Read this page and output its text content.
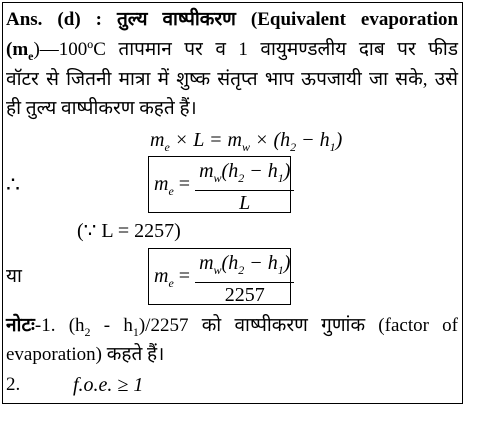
Ans. (d) : तुल्य वाष्पीकरण (Equivalent evaporation
$(m_e)—100ºC$ तापमान पर व 1 वायुमण्डलीय दाब पर फीड
वॉटर से जितनी मात्रा में शुष्क संतृप्त भाप ऊपजायी जा सके, उसे
ही तुल्य वाष्पीकरण कहते हैं।
$m_e \times L = m_w \times (h_2 - h_1)$
∴	$m_e = \frac{m_w(h_2 - h_1)}{L}$
(∵ L = 2257)
या	$m_e = \frac{m_w(h_2 - h_1)}{2257}$
नोटः-1. $(h_2 - h_1)/2257$ को वाष्पीकरण गुणांक (factor of
evaporation) कहते हैं।
2.	f.o.e. ≥ 1
